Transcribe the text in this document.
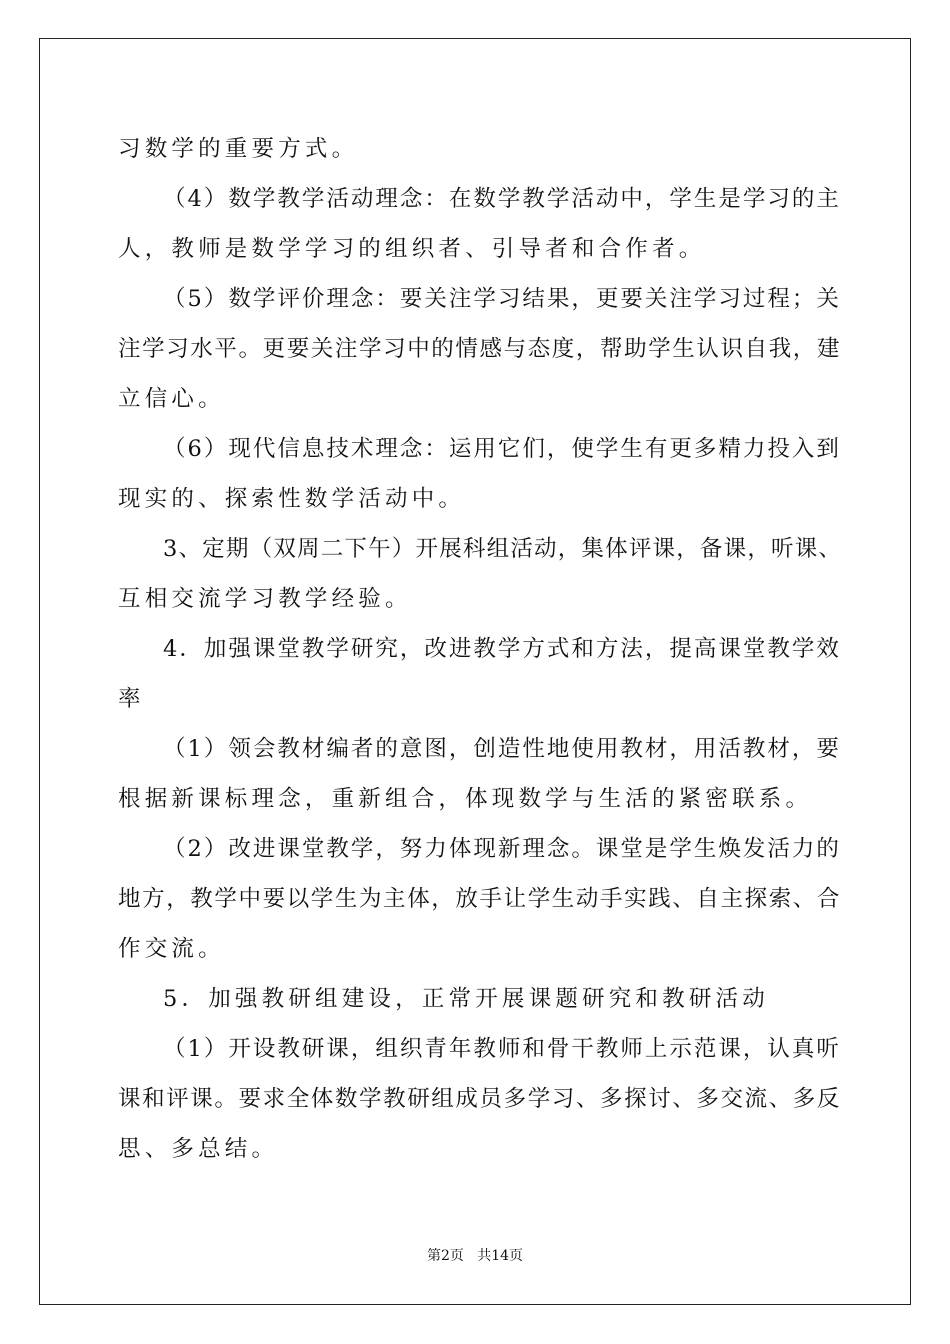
习数学的重要方式。
（4）数学教学活动理念：在数学教学活动中，学生是学习的主
人，教师是数学学习的组织者、引导者和合作者。
（5）数学评价理念：要关注学习结果，更要关注学习过程；关
注学习水平。更要关注学习中的情感与态度，帮助学生认识自我，建
立信心。
（6）现代信息技术理念：运用它们，使学生有更多精力投入到
现实的、探索性数学活动中。
3、定期（双周二下午）开展科组活动，集体评课，备课，听课、
互相交流学习教学经验。
4．加强课堂教学研究，改进教学方式和方法，提高课堂教学效
率
（1）领会教材编者的意图，创造性地使用教材，用活教材，要
根据新课标理念，重新组合，体现数学与生活的紧密联系。
（2）改进课堂教学，努力体现新理念。课堂是学生焕发活力的
地方，教学中要以学生为主体，放手让学生动手实践、自主探索、合
作交流。
5．加强教研组建设，正常开展课题研究和教研活动
（1）开设教研课，组织青年教师和骨干教师上示范课，认真听
课和评课。要求全体数学教研组成员多学习、多探讨、多交流、多反
思、多总结。
第2页   共14页
